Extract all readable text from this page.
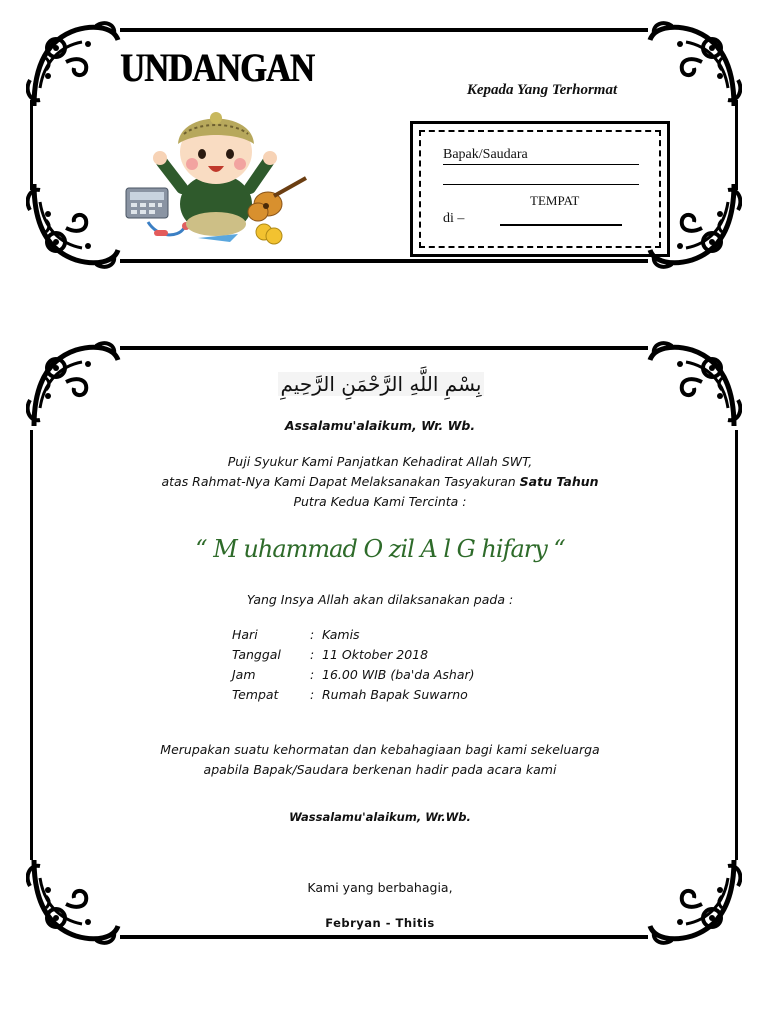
UNDANGAN	Kepada Yang Terhormat
Bapak/Saudara
TEMPAT
di –
بِسْمِ اللَّهِ الرَّحْمَنِ الرَّحِيمِ
Assalamu'alaikum, Wr. Wb.
Puji Syukur Kami Panjatkan Kehadirat Allah SWT,
atas Rahmat-Nya Kami Dapat Melaksanakan Tasyakuran Satu Tahun
Putra Kedua Kami Tercinta :
“ M uhammad O zil A l G hifary “
Yang Insya Allah akan dilaksanakan pada :
Hari	: Kamis
Tanggal : 11 Oktober 2018
Jam	: 16.00 WIB (ba'da Ashar)
Tempat	: Rumah Bapak Suwarno
Merupakan suatu kehormatan dan kebahagiaan bagi kami sekeluarga
apabila Bapak/Saudara berkenan hadir pada acara kami
Wassalamu'alaikum, Wr.Wb.
Kami yang berbahagia,
Febryan - Thitis
